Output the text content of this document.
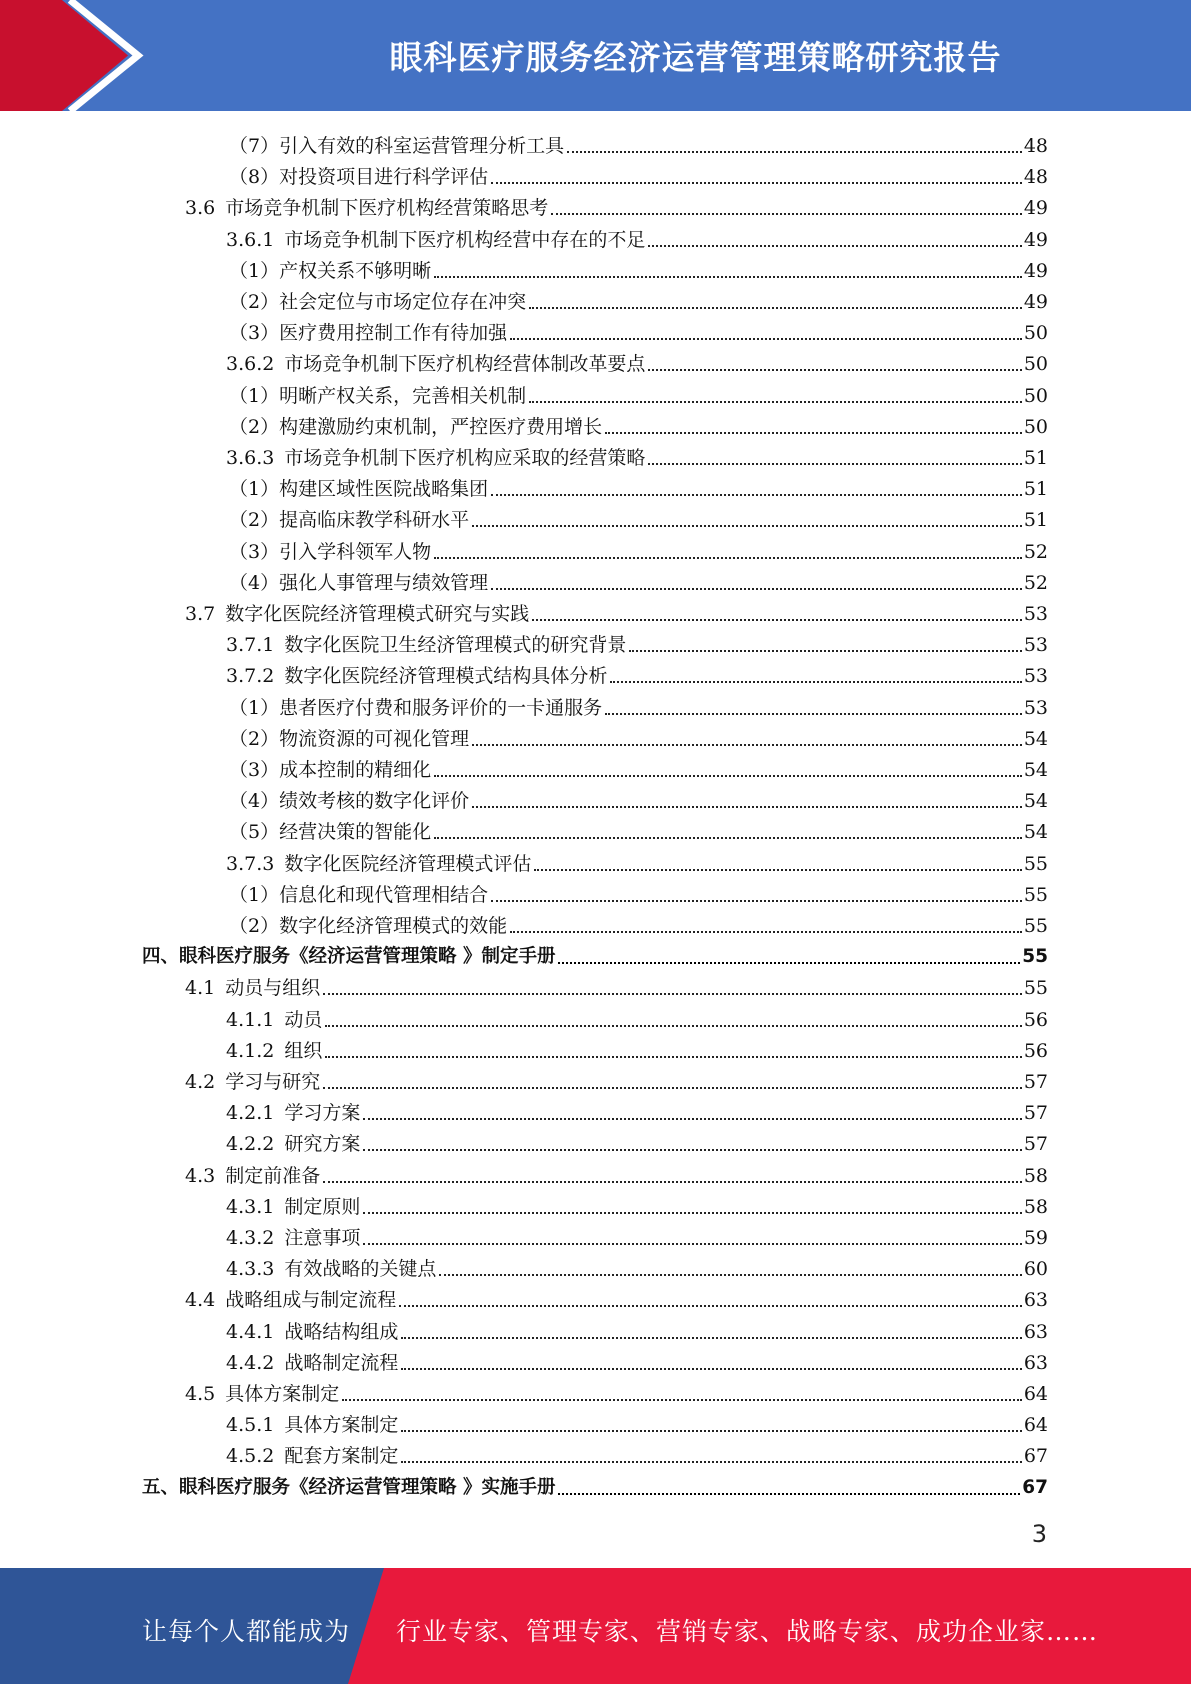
眼科医疗服务经济运营管理策略研究报告
（7） 引入有效的科室运营管理分析工具	48
（8） 对投资项目进行科学评估	48
3.6 市场竞争机制下医疗机构经营策略思考	49
3.6.1 市场竞争机制下医疗机构经营中存在的不足	49
（1） 产权关系不够明晰	49
（2） 社会定位与市场定位存在冲突	49
（3） 医疗费用控制工作有待加强	50
3.6.2 市场竞争机制下医疗机构经营体制改革要点	50
（1） 明晰产权关系，完善相关机制	50
（2） 构建激励约束机制，严控医疗费用增长	50
3.6.3 市场竞争机制下医疗机构应采取的经营策略	51
（1） 构建区域性医院战略集团	51
（2） 提高临床教学科研水平	51
（3） 引入学科领军人物	52
（4） 强化人事管理与绩效管理	52
3.7 数字化医院经济管理模式研究与实践	53
3.7.1 数字化医院卫生经济管理模式的研究背景	53
3.7.2 数字化医院经济管理模式结构具体分析	53
（1） 患者医疗付费和服务评价的一卡通服务	53
（2） 物流资源的可视化管理	54
（3） 成本控制的精细化	54
（4） 绩效考核的数字化评价	54
（5） 经营决策的智能化	54
3.7.3 数字化医院经济管理模式评估	55
（1） 信息化和现代管理相结合	55
（2） 数字化经济管理模式的效能	55
四、眼科医疗服务《经济运营管理策略 》制定手册	55
4.1 动员与组织	55
4.1.1 动员	56
4.1.2 组织	56
4.2 学习与研究	57
4.2.1 学习方案	57
4.2.2 研究方案	57
4.3 制定前准备	58
4.3.1 制定原则	58
4.3.2 注意事项	59
4.3.3 有效战略的关键点	60
4.4 战略组成与制定流程	63
4.4.1 战略结构组成	63
4.4.2 战略制定流程	63
4.5 具体方案制定	64
4.5.1 具体方案制定	64
4.5.2 配套方案制定	67
五、眼科医疗服务《经济运营管理策略 》实施手册	67
3
让每个人都能成为 行业专家、管理专家、营销专家、战略专家、成功企业家……
